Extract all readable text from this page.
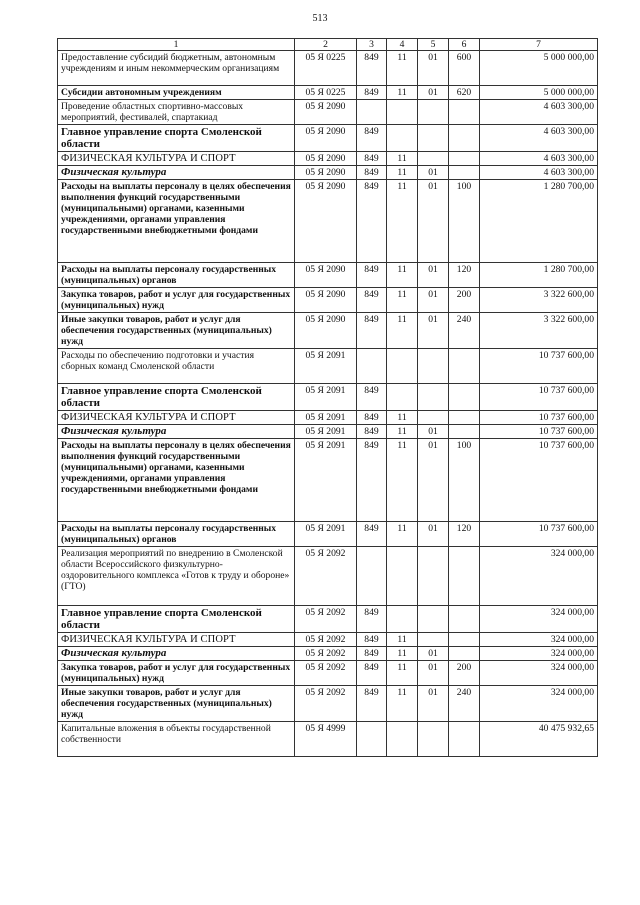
513
1	2	3	4	5	6	7
Предоставление субсидий бюджетным, автономным учреждениям и иным некоммерческим организациям	05 Я 0225	849	11	01	600	5 000 000,00
Субсидии автономным учреждениям	05 Я 0225	849	11	01	620	5 000 000,00
Проведение областных спортивно-массовых мероприятий, фестивалей, спартакиад	05 Я 2090					4 603 300,00
Главное управление спорта Смоленской области	05 Я 2090	849				4 603 300,00
ФИЗИЧЕСКАЯ КУЛЬТУРА И СПОРТ	05 Я 2090	849	11			4 603 300,00
Физическая культура	05 Я 2090	849	11	01		4 603 300,00
Расходы на выплаты персоналу в целях обеспечения выполнения функций государственными (муниципальными) органами, казенными учреждениями, органами управления государственными внебюджетными фондами	05 Я 2090	849	11	01	100	1 280 700,00
Расходы на выплаты персоналу государственных (муниципальных) органов	05 Я 2090	849	11	01	120	1 280 700,00
Закупка товаров, работ и услуг для государственных (муниципальных) нужд	05 Я 2090	849	11	01	200	3 322 600,00
Иные закупки товаров, работ и услуг для обеспечения государственных (муниципальных) нужд	05 Я 2090	849	11	01	240	3 322 600,00
Расходы по обеспечению подготовки и участия сборных команд Смоленской области	05 Я 2091					10 737 600,00
Главное управление спорта Смоленской области	05 Я 2091	849				10 737 600,00
ФИЗИЧЕСКАЯ КУЛЬТУРА И СПОРТ	05 Я 2091	849	11			10 737 600,00
Физическая культура	05 Я 2091	849	11	01		10 737 600,00
Расходы на выплаты персоналу в целях обеспечения выполнения функций государственными (муниципальными) органами, казенными учреждениями, органами управления государственными внебюджетными фондами	05 Я 2091	849	11	01	100	10 737 600,00
Расходы на выплаты персоналу государственных (муниципальных) органов	05 Я 2091	849	11	01	120	10 737 600,00
Реализация мероприятий по внедрению в Смоленской области Всероссийского физкультурно-оздоровительного комплекса «Готов к труду и обороне» (ГТО)	05 Я 2092					324 000,00
Главное управление спорта Смоленской области	05 Я 2092	849				324 000,00
ФИЗИЧЕСКАЯ КУЛЬТУРА И СПОРТ	05 Я 2092	849	11			324 000,00
Физическая культура	05 Я 2092	849	11	01		324 000,00
Закупка товаров, работ и услуг для государственных (муниципальных) нужд	05 Я 2092	849	11	01	200	324 000,00
Иные закупки товаров, работ и услуг для обеспечения государственных (муниципальных) нужд	05 Я 2092	849	11	01	240	324 000,00
Капитальные вложения в объекты государственной собственности	05 Я 4999					40 475 932,65
